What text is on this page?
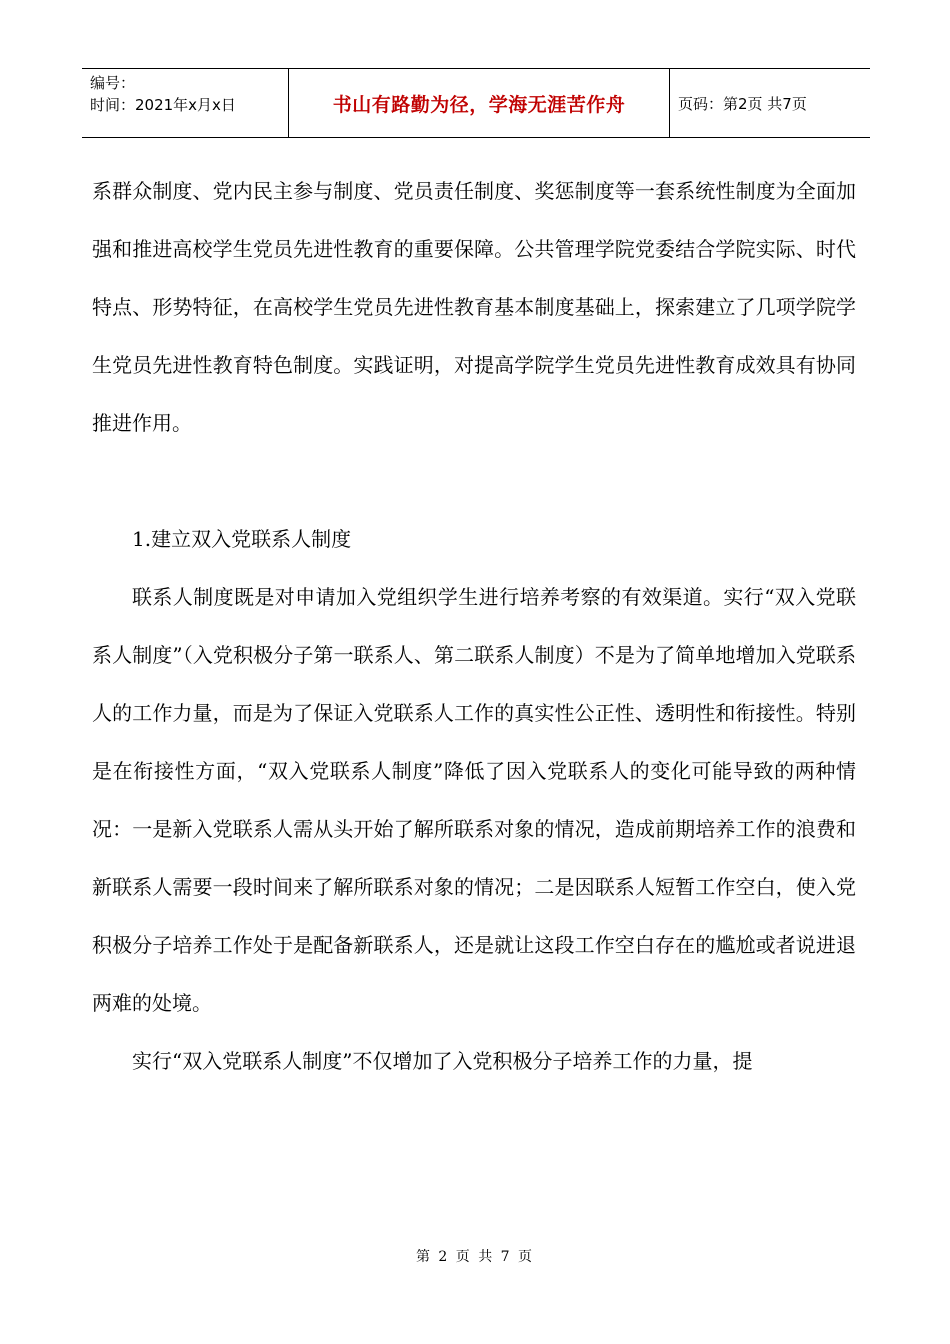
编号：
时间：2021年x月x日	书山有路勤为径，学海无涯苦作舟	页码：第2页 共7页

系群众制度、党内民主参与制度、党员责任制度、奖惩制度等一套系统性制度为全面加强和推进高校学生党员先进性教育的重要保障。公共管理学院党委结合学院实际、时代特点、形势特征，在高校学生党员先进性教育基本制度基础上，探索建立了几项学院学生党员先进性教育特色制度。实践证明，对提高学院学生党员先进性教育成效具有协同推进作用。

1.建立双入党联系人制度

联系人制度既是对申请加入党组织学生进行培养考察的有效渠道。实行“双入党联系人制度”（入党积极分子第一联系人、第二联系人制度）不是为了简单地增加入党联系人的工作力量，而是为了保证入党联系人工作的真实性公正性、透明性和衔接性。特别是在衔接性方面，“双入党联系人制度”降低了因入党联系人的变化可能导致的两种情况：一是新入党联系人需从头开始了解所联系对象的情况，造成前期培养工作的浪费和新联系人需要一段时间来了解所联系对象的情况；二是因联系人短暂工作空白，使入党积极分子培养工作处于是配备新联系人，还是就让这段工作空白存在的尴尬或者说进退两难的处境。

实行“双入党联系人制度”不仅增加了入党积极分子培养工作的力量，提

第 2 页 共 7 页
